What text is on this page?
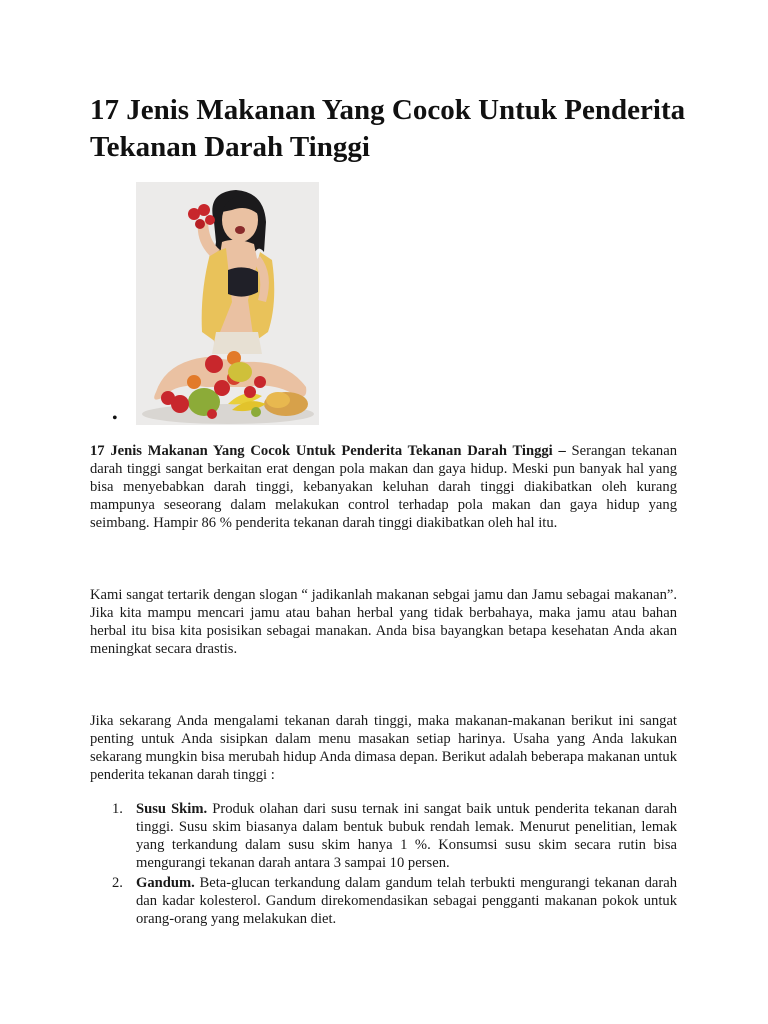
17 Jenis Makanan Yang Cocok Untuk Penderita Tekanan Darah Tinggi
•

17 Jenis Makanan Yang Cocok Untuk Penderita Tekanan Darah Tinggi – Serangan tekanan darah tinggi sangat berkaitan erat dengan pola makan dan gaya hidup. Meski pun banyak hal yang bisa menyebabkan darah tinggi, kebanyakan keluhan darah tinggi diakibatkan oleh kurang mampunya seseorang dalam melakukan control terhadap pola makan dan gaya hidup yang seimbang. Hampir 86 % penderita tekanan darah tinggi diakibatkan oleh hal itu.

Kami sangat tertarik dengan slogan “ jadikanlah makanan sebgai jamu dan Jamu sebagai makanan”. Jika kita mampu mencari jamu atau bahan herbal yang tidak berbahaya, maka jamu atau bahan herbal itu bisa kita posisikan sebagai manakan. Anda bisa bayangkan betapa kesehatan Anda akan meningkat secara drastis.

Jika sekarang Anda mengalami tekanan darah tinggi, maka makanan-makanan berikut ini sangat penting untuk Anda sisipkan dalam menu masakan setiap harinya. Usaha yang Anda lakukan sekarang mungkin bisa merubah hidup Anda dimasa depan. Berikut adalah beberapa makanan untuk penderita tekanan darah tinggi :

1. Susu Skim. Produk olahan dari susu ternak ini sangat baik untuk penderita tekanan darah tinggi. Susu skim biasanya dalam bentuk bubuk rendah lemak. Menurut penelitian, lemak yang terkandung dalam susu skim hanya 1 %. Konsumsi susu skim secara rutin bisa mengurangi tekanan darah antara 3 sampai 10 persen.

2. Gandum. Beta-glucan terkandung dalam gandum telah terbukti mengurangi tekanan darah dan kadar kolesterol. Gandum direkomendasikan sebagai pengganti makanan pokok untuk orang-orang yang melakukan diet.
